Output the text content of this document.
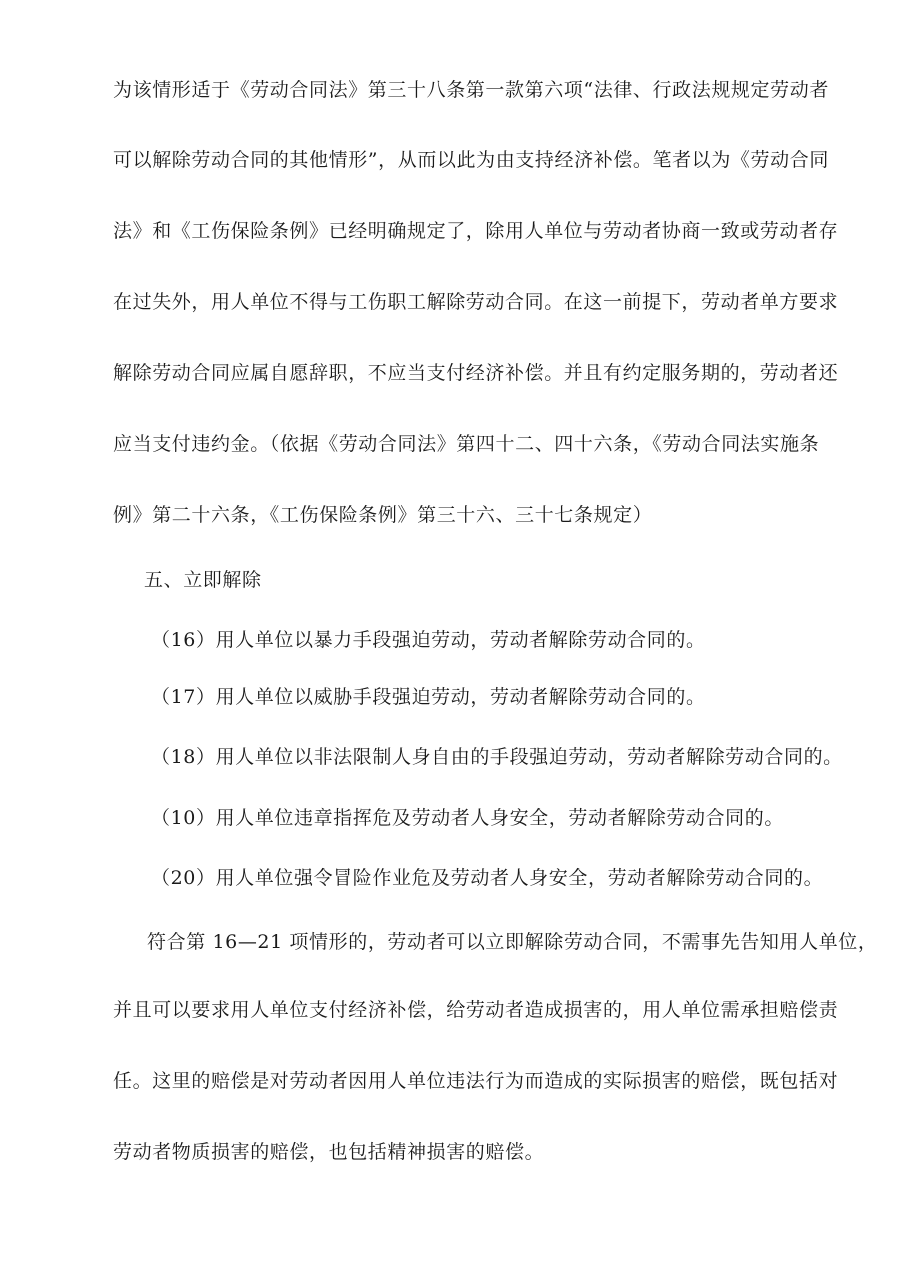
为该情形适于《劳动合同法》第三十八条第一款第六项“法律、行政法规规定劳动者
可以解除劳动合同的其他情形”，从而以此为由支持经济补偿。笔者以为《劳动合同
法》和《工伤保险条例》已经明确规定了，除用人单位与劳动者协商一致或劳动者存
在过失外，用人单位不得与工伤职工解除劳动合同。在这一前提下，劳动者单方要求
解除劳动合同应属自愿辞职，不应当支付经济补偿。并且有约定服务期的，劳动者还
应当支付违约金。（依据《劳动合同法》第四十二、四十六条，《劳动合同法实施条
例》第二十六条，《工伤保险条例》第三十六、三十七条规定）
五、立即解除
（16）用人单位以暴力手段强迫劳动，劳动者解除劳动合同的。
（17）用人单位以威胁手段强迫劳动，劳动者解除劳动合同的。
（18）用人单位以非法限制人身自由的手段强迫劳动，劳动者解除劳动合同的。
（10）用人单位违章指挥危及劳动者人身安全，劳动者解除劳动合同的。
（20）用人单位强令冒险作业危及劳动者人身安全，劳动者解除劳动合同的。
符合第 16—21 项情形的，劳动者可以立即解除劳动合同，不需事先告知用人单位，
并且可以要求用人单位支付经济补偿，给劳动者造成损害的，用人单位需承担赔偿责
任。这里的赔偿是对劳动者因用人单位违法行为而造成的实际损害的赔偿，既包括对
劳动者物质损害的赔偿，也包括精神损害的赔偿。
